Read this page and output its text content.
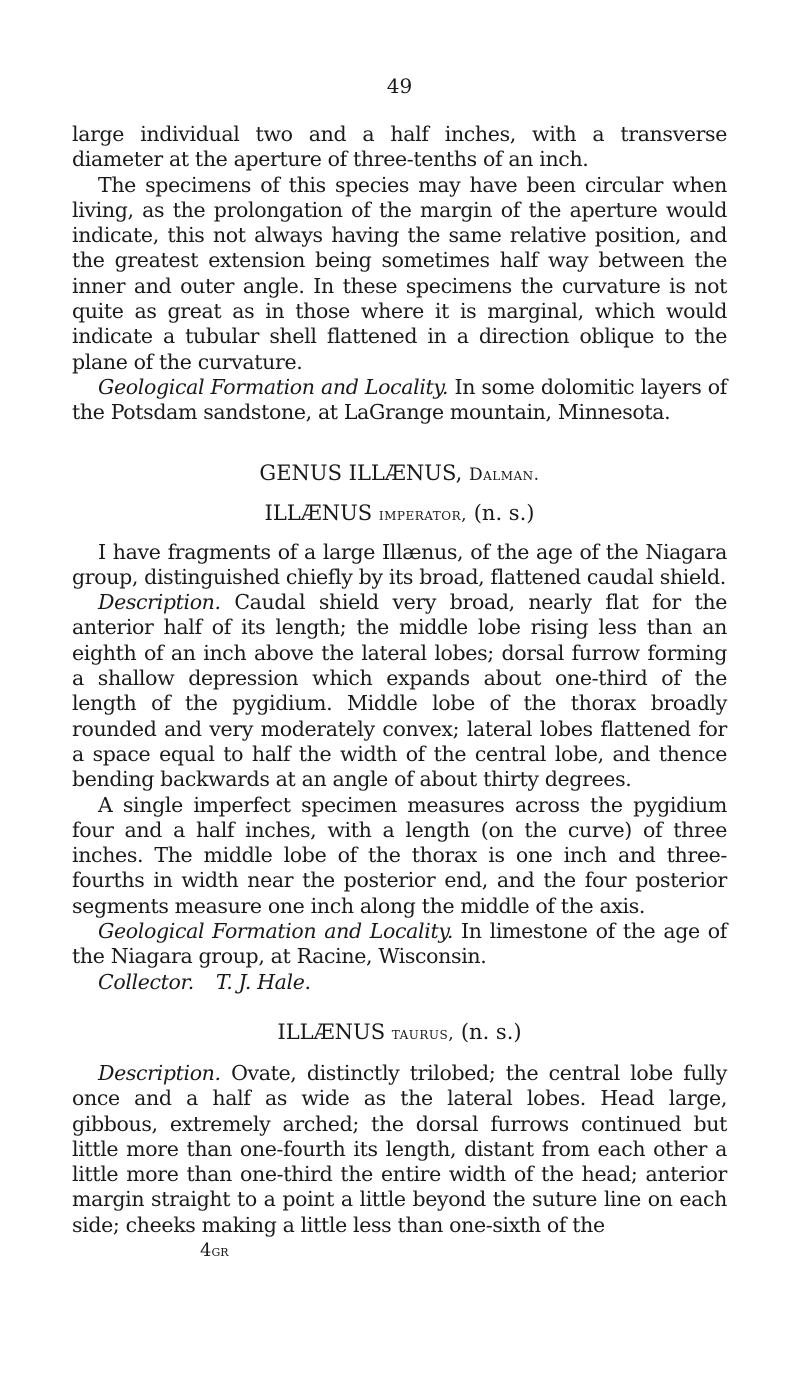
49

large individual two and a half inches, with a transverse diameter at the aperture of three-tenths of an inch.

The specimens of this species may have been circular when living, as the prolongation of the margin of the aperture would indicate, this not always having the same relative position, and the greatest extension being sometimes half way between the inner and outer angle. In these specimens the curvature is not quite as great as in those where it is marginal, which would indicate a tubular shell flattened in a direction oblique to the plane of the curvature.

Geological Formation and Locality. In some dolomitic layers of the Potsdam sandstone, at LaGrange mountain, Minnesota.

GENUS ILLÆNUS, Dalman.
ILLÆNUS imperator, (n. s.)

I have fragments of a large Illænus, of the age of the Niagara group, distinguished chiefly by its broad, flattened caudal shield.

Description. Caudal shield very broad, nearly flat for the anterior half of its length; the middle lobe rising less than an eighth of an inch above the lateral lobes; dorsal furrow forming a shallow depression which expands about one-third of the length of the pygidium. Middle lobe of the thorax broadly rounded and very moderately convex; lateral lobes flattened for a space equal to half the width of the central lobe, and thence bending backwards at an angle of about thirty degrees.

A single imperfect specimen measures across the pygidium four and a half inches, with a length (on the curve) of three inches. The middle lobe of the thorax is one inch and three-fourths in width near the posterior end, and the four posterior segments measure one inch along the middle of the axis.

Geological Formation and Locality. In limestone of the age of the Niagara group, at Racine, Wisconsin.

Collector. T. J. Hale.

ILLÆNUS taurus, (n. s.)

Description. Ovate, distinctly trilobed; the central lobe fully once and a half as wide as the lateral lobes. Head large, gibbous, extremely arched; the dorsal furrows continued but little more than one-fourth its length, distant from each other a little more than one-third the entire width of the head; anterior margin straight to a point a little beyond the suture line on each side; cheeks making a little less than one-sixth of the

4gr
